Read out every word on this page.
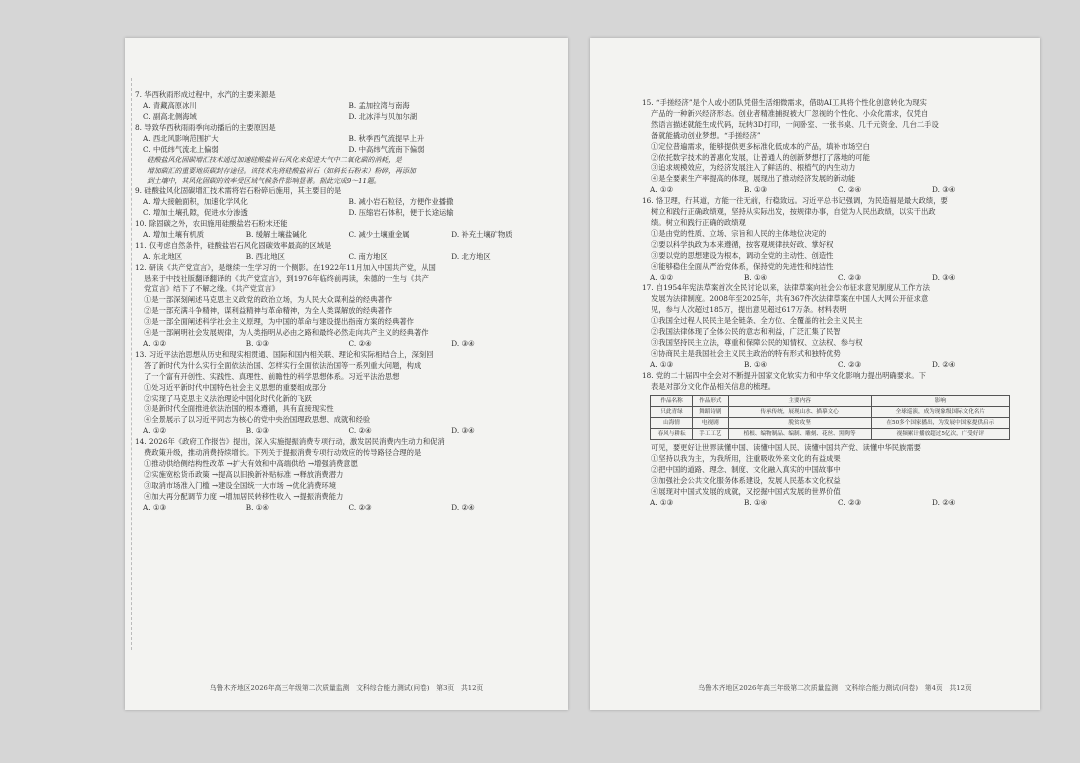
7. 华西秋雨形成过程中，水汽的主要来源是

A. 青藏高原冰川	B. 孟加拉湾与南海
C. 副高北侧海域	D. 北冰洋与贝加尔湖

8. 导致华西秋雨雨季向动播后的主要原因是

A. 西北风影响范围扩大	B. 秋季西气流提早上升
C. 中低纬气流北上偏弱	D. 中高纬气流南下偏弱

硅酸盐风化固碳增汇技术通过加速硅酸盐岩石风化来促进大气中二氧化碳的消耗，是

增加碳汇的重要地质碳封存途径。该技术先将硅酸盐岩石（如斜长石粉末）粉碎，再添加

到土壤中，其风化固碳的效率受区域气候条件影响显著。据此完成9～11题。

9. 硅酸盐风化固碳增汇技术需将岩石粉碎后施用，其主要目的是

A. 增大接触面积，加速化学风化	B. 减小岩石粒径，方便作业播撒
C. 增加土壤孔隙，促进水分渗透	D. 压缩岩石体积，便于长途运输

10. 除固碳之外，农田施用硅酸盐岩石粉末还能

A. 增加土壤有机质	B. 缓解土壤盐碱化	C. 减少土壤重金属	D. 补充土壤矿物质

11. 仅考虑自然条件，硅酸盐岩石风化固碳效率最高的区域是

A. 东北地区	B. 西北地区	C. 南方地区	D. 北方地区

12. 研读《共产党宣言》，是继续一生学习的一个侧影。在1922年11月加入中国共产党，从国

恳来于中技社版翻译翻译的《共产党宣言》，到1976年临终前再读，朱德的一生与《共产

党宣言》结下了不解之缘。《共产党宣言》

①是一部深刻阐述马克思主义政党的政治立场，为人民大众谋利益的经典著作

②是一部充满斗争精神，谋利益精神与革命精神，为全人类谋解放的经典著作

③是一部全面阐述科学社会主义原理，为中国的革命与建设提出指南方案的经典著作

④是一部阐明社会发展规律，为人类指明从必由之路和最终必然走向共产主义的经典著作

A. ①②	B. ①③	C. ②④	D. ③④

13. 习近平法治思想从历史和现实相贯通、国际和国内相关联、理论和实际相结合上，深刻回

答了新时代为什么实行全面依法治国、怎样实行全面依法治国等一系列重大问题，构成

了一个富有开创性、实践性、真理性、前瞻性的科学思想体系。习近平法治思想

①处习近平新时代中国特色社会主义思想的重要组成部分

②实现了马克思主义法治理论中国化时代化新的飞跃

③是新时代全面推进依法治国的根本遵循，具有直接现实性

④全景展示了以习近平同志为核心的党中央治国理政思想、成就和经验

A. ①②	B. ①③	C. ②④	D. ③④

14. 2026年《政府工作报告》提出，深入实施提振消费专项行动，激发居民消费内生动力和促消

费政策升级，推动消费持续增长。下列关于提振消费专项行动效应的传导路径合理的是

①推动供给侧结构性改革 →扩大有效和中高端供给 →增强消费意愿

②实施宽松货币政策 →提高以旧换新补贴标准 →释放消费潜力

③取消市场准入门槛 →建设全国统一大市场 →优化消费环境

④加大再分配调节力度 →增加居民转移性收入 →提振消费能力

A. ①③	B. ①④	C. ②③	D. ②④
乌鲁木齐地区2026年高三年级第二次质量监测　文科综合能力测试(问卷)　第3页　共12页

15. “手搓经济”是个人或小团队凭借生活细微需求，借助AI工具将个性化创意转化为现实

产品的一种新兴经济形态。创业者精准捕捉被大厂忽视的个性化、小众化需求，仅凭自

然语言描述就能生成代码，玩转3D打印，一间卧室、一张书桌、几千元资金、几台二手设

备就能撬动创业梦想。“手搓经济”

①定位普遍需求，能够提供更多标准化低成本的产品，填补市场空白

②依托数字技术的普惠化发展，让普通人的创新梦想打了落地的可能

③追求规模效应，为经济发展注入了鲜活的、根植气的内生动力

④是全要素生产率提高的体现，展现出了推动经济发展的新动能

A. ①②	B. ①③	C. ②④	D. ③④

16. 恪卫理，行其道，方能一往无前，行稳致远。习近平总书记强调，为民造福是最大政绩，要

树立和践行正确政绩观，坚持从实际出发，按规律办事，自觉为人民出政绩，以实干出政

绩。树立和践行正确的政绩观

①是由党的性质、立场、宗旨和人民的主体地位决定的

②要以科学执政为本来遵循，按客观规律扶好政、掌好权

③要以党的思想建设为根本，调动全党的主动性、创造性

④能够稳住全面从严治党体系，保持党的先进性和纯洁性

A. ①②	B. ①④	C. ②③	D. ③④

17. 自1954年宪法草案首次全民讨论以来，法律草案向社会公布征求意见制度从工作方法

发展为法律制度。2008年至2025年，共有367件次法律草案在中国人大网公开征求意

见，参与人次超过185万，提出意见超过617万条。材料表明

①我国全过程人民民主是全链条、全方位、全覆盖的社会主义民主

②我国法律体现了全体公民的意志和利益，广泛汇集了民智

③我国坚持民主立法，尊重和保障公民的知情权、立法权、参与权

④协商民主是我国社会主义民主政治的特有形式和独特优势

A. ①③	B. ①④	C. ②③	D. ②④

18. 党的二十届四中全会对不断提升国家文化软实力和中华文化影响力提出明确要求。下

表是对部分文化作品相关信息的梳理。

作品名称	作品形式	主要内容	影响
只此青绿	舞蹈诗剧	传承传统，展现山水、描摹文心	全球巡演，成为现象级国际文化名片
山海情	电视剧	脱贫攻坚	在50多个国家播出，为发展中国家提供启示
春风与耕耘	手工工艺	植根、编物制品、编制、雕刻、花丝、黑陶等	视频累计播放超过5亿次，广受好评

可见，要更好让世界读懂中国、读懂中国人民、读懂中国共产党、读懂中华民族需要

①坚持以我为主，为我所用，注重吸收外来文化的有益成果

②把中国的道路、理念、制度、文化融入真实的中国故事中

③加强社会公共文化服务体系建设，发展人民基本文化权益

④展现对中国式发展的成就，又挖掘中国式发展的世界价值

A. ①③	B. ①④	C. ②③	D. ②④
乌鲁木齐地区2026年高三年级第二次质量监测　文科综合能力测试(问卷)　第4页　共12页
